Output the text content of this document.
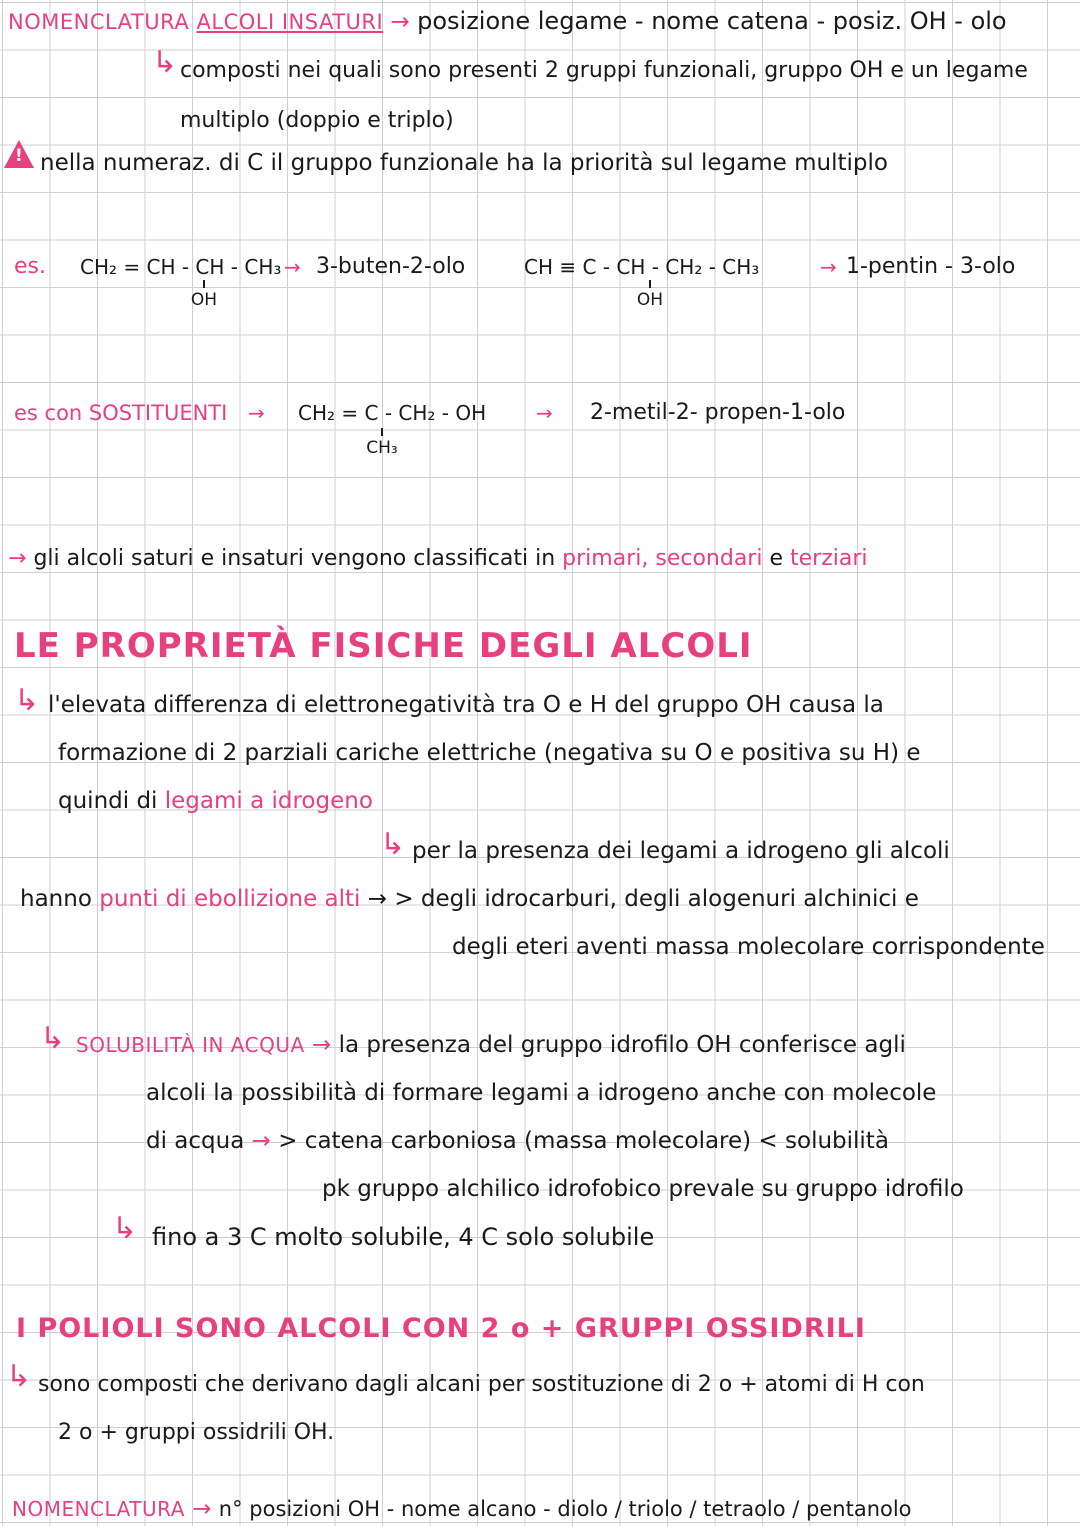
NOMENCLATURA ALCOLI INSATURI → posizione legame - nome catena - posiz. OH - olo
↳ composti nei quali sono presenti 2 gruppi funzionali, gruppo OH e un legame
multiplo (doppio e triplo)
!
nella numeraz. di C il gruppo funzionale ha la priorità sul legame multiplo
es. CH₂ = CH - CH - CH₃ → 3-buten-2-olo
OH
CH ≡ C - CH - CH₂ - CH₃	→ 1-pentin - 3-olo
OH
es con SOSTITUENTI → CH₂ = C - CH₂ - OH → 2-metil-2- propen-1-olo
CH₃
→ gli alcoli saturi e insaturi vengono classificati in primari, secondari e terziari
LE PROPRIETÀ FISICHE DEGLI ALCOLI
↳ l'elevata differenza di elettronegatività tra O e H del gruppo OH causa la
formazione di 2 parziali cariche elettriche (negativa su O e positiva su H) e
quindi di legami a idrogeno
↳ per la presenza dei legami a idrogeno gli alcoli
hanno punti di ebollizione alti → > degli idrocarburi, degli alogenuri alchinici e
degli eteri aventi massa molecolare corrispondente
↳ SOLUBILITÀ IN ACQUA → la presenza del gruppo idrofilo OH conferisce agli
alcoli la possibilità di formare legami a idrogeno anche con molecole
di acqua → > catena carboniosa (massa molecolare) < solubilità
pk gruppo alchilico idrofobico prevale su gruppo idrofilo
↳ fino a 3 C molto solubile, 4 C solo solubile
I POLIOLI SONO ALCOLI CON 2 o + GRUPPI OSSIDRILI
↳ sono composti che derivano dagli alcani per sostituzione di 2 o + atomi di H con
2 o + gruppi ossidrili OH.
NOMENCLATURA → n° posizioni OH - nome alcano - diolo / triolo / tetraolo / pentanolo
